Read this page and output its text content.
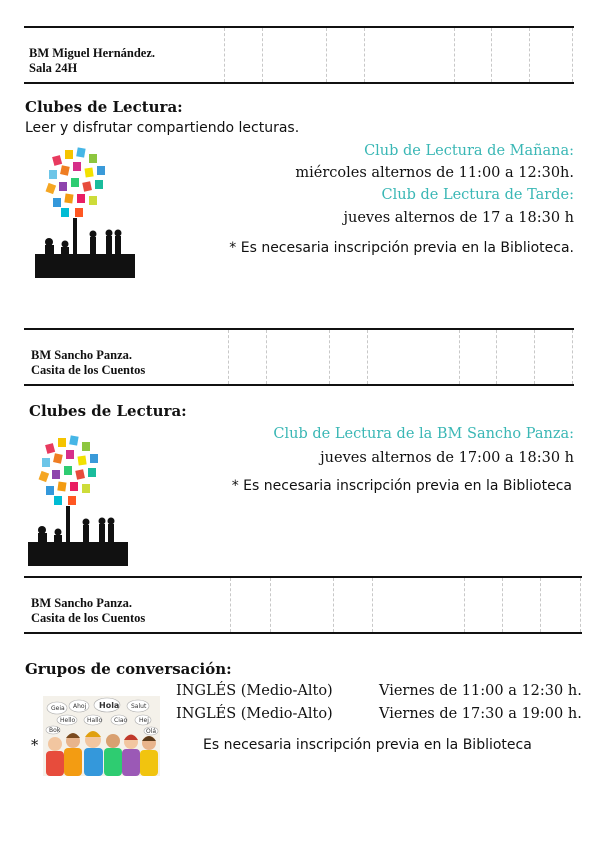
BM Miguel Hernández.
Sala 24H
Clubes de Lectura:
Leer y disfrutar compartiendo lecturas.
Club de Lectura de Mañana:
miércoles alternos de 11:00 a 12:30h.
Club de Lectura de Tarde:
jueves alternos de 17 a 18:30 h
* Es necesaria inscripción previa en la Biblioteca.
BM Sancho Panza.
Casita de los Cuentos
Clubes de Lectura:
Club de Lectura de la BM Sancho Panza:
jueves alternos de 17:00 a 18:30 h
* Es necesaria inscripción previa en la Biblioteca
BM Sancho Panza.
Casita de los Cuentos
Grupos de conversación:
INGLÉS (Medio-Alto)	Viernes de 11:00 a 12:30 h.
INGLÉS (Medio-Alto)	Viernes de 17:30 a 19:00 h.
*	Es necesaria inscripción previa en la Biblioteca
Geia Ahoj Hola Salut
Hello Hallo Ciao Hej
Bok	Olá
